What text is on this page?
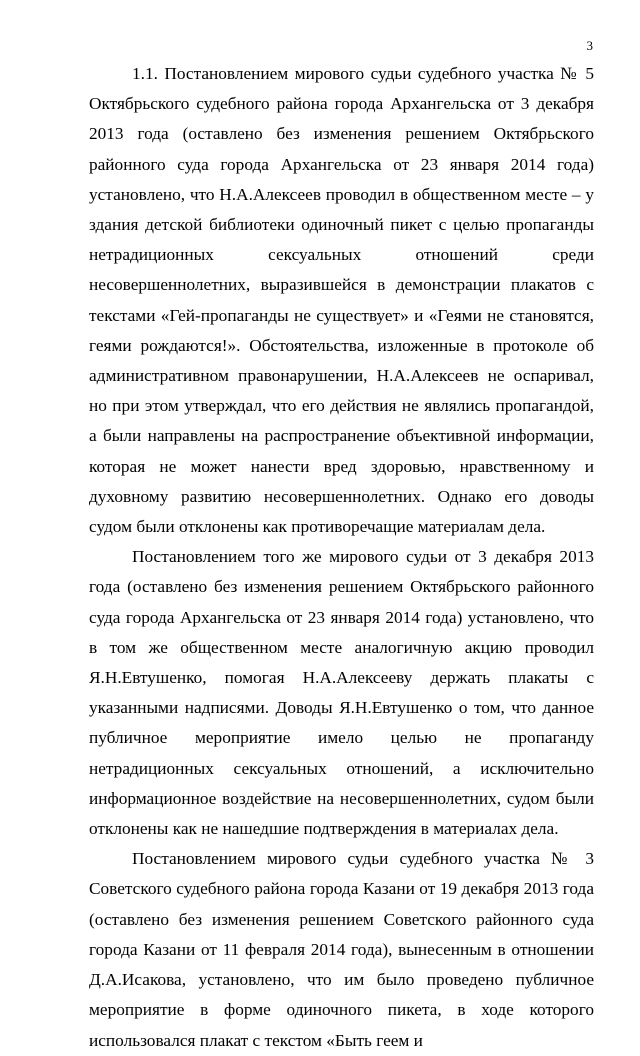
3

1.1. Постановлением мирового судьи судебного участка № 5 Октябрьского судебного района города Архангельска от 3 декабря 2013 года (оставлено без изменения решением Октябрьского районного суда города Архангельска от 23 января 2014 года) установлено, что Н.А.Алексеев проводил в общественном месте – у здания детской библиотеки одиночный пикет с целью пропаганды нетрадиционных сексуальных отношений среди несовершеннолетних, выразившейся в демонстрации плакатов с текстами «Гей-пропаганды не существует» и «Геями не становятся, геями рождаются!». Обстоятельства, изложенные в протоколе об административном правонарушении, Н.А.Алексеев не оспаривал, но при этом утверждал, что его действия не являлись пропагандой, а были направлены на распространение объективной информации, которая не может нанести вред здоровью, нравственному и духовному развитию несовершеннолетних. Однако его доводы судом были отклонены как противоречащие материалам дела.

Постановлением того же мирового судьи от 3 декабря 2013 года (оставлено без изменения решением Октябрьского районного суда города Архангельска от 23 января 2014 года) установлено, что в том же общественном месте аналогичную акцию проводил Я.Н.Евтушенко, помогая Н.А.Алексееву держать плакаты с указанными надписями. Доводы Я.Н.Евтушенко о том, что данное публичное мероприятие имело целью не пропаганду нетрадиционных сексуальных отношений, а исключительно информационное воздействие на несовершеннолетних, судом были отклонены как не нашедшие подтверждения в материалах дела.

Постановлением мирового судьи судебного участка № 3 Советского судебного района города Казани от 19 декабря 2013 года (оставлено без изменения решением Советского районного суда города Казани от 11 февраля 2014 года), вынесенным в отношении Д.А.Исакова, установлено, что им было проведено публичное мероприятие в форме одиночного пикета, в ходе которого использовался плакат с текстом «Быть геем и
